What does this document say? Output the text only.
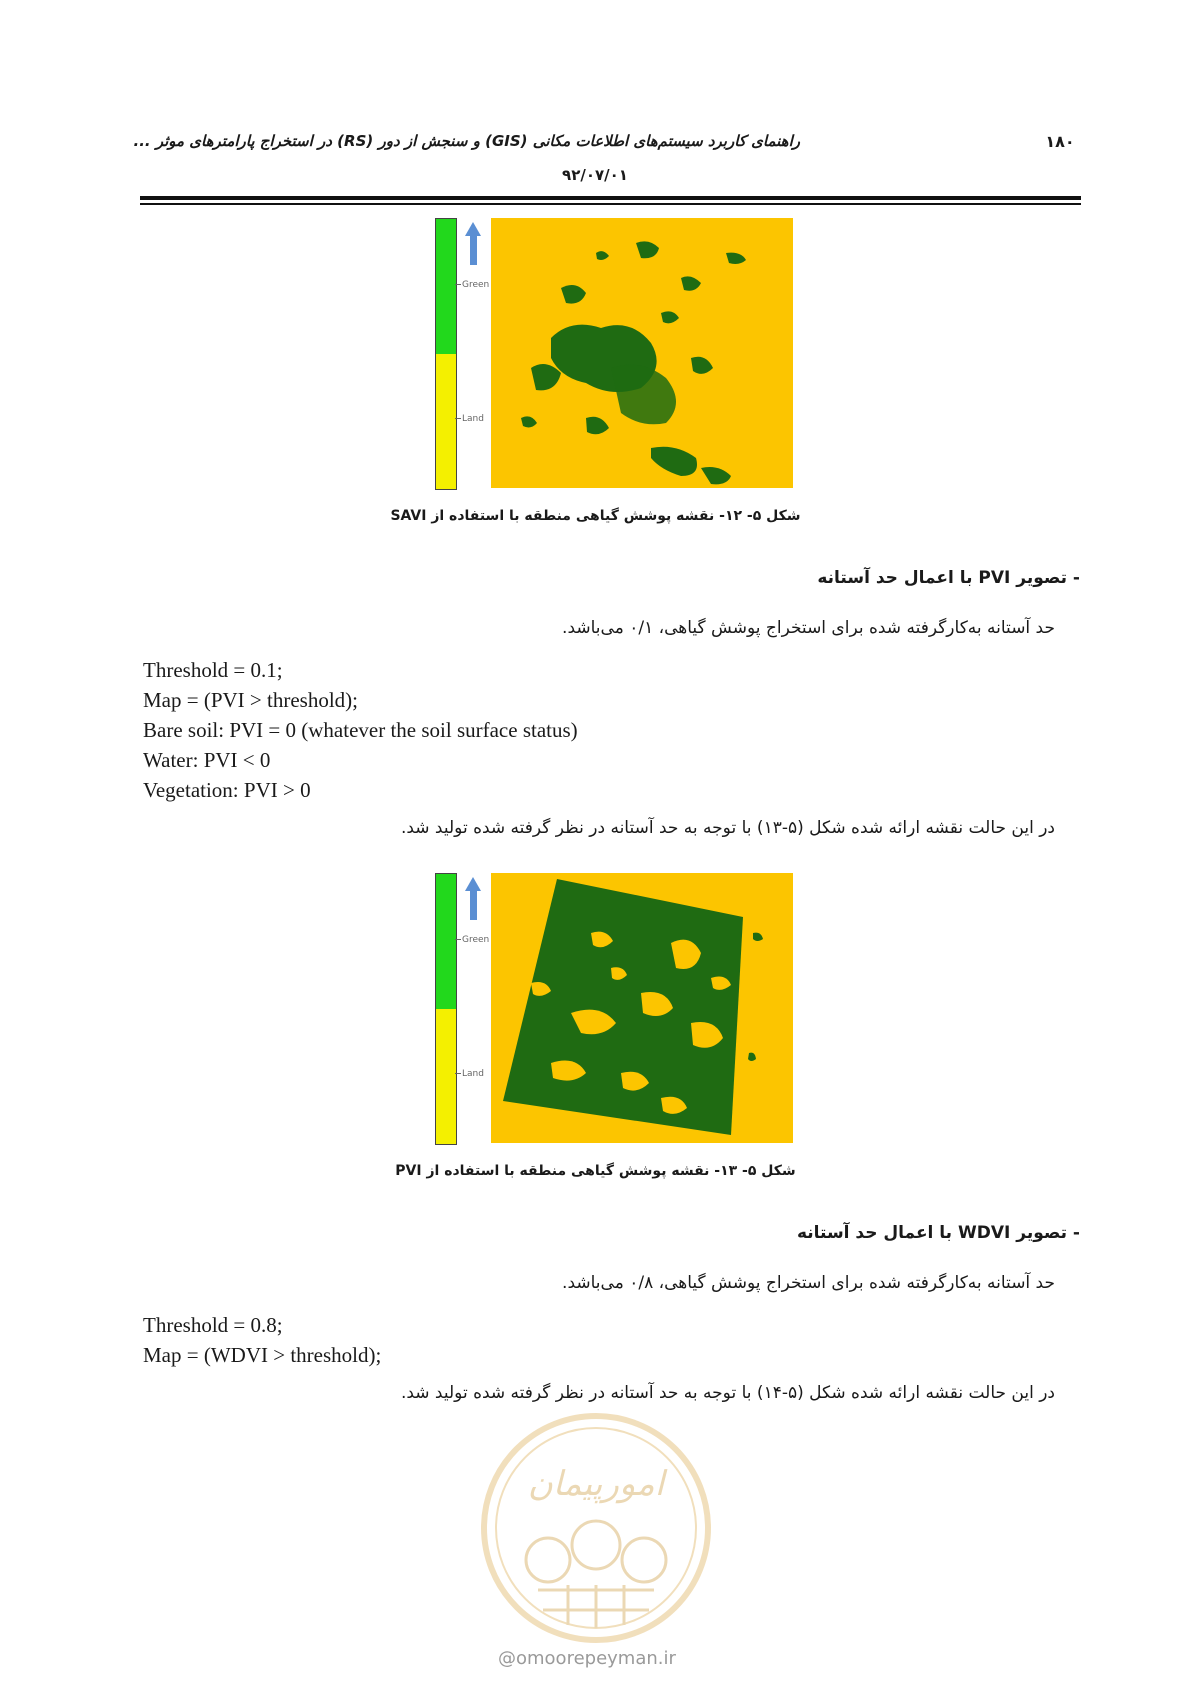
راهنمای کاربرد سیستم‌های اطلاعات مکانی (GIS) و سنجش از دور (RS) در استخراج پارامترهای موثر ...	۱۸۰
۹۲/۰۷/۰۱
Green
Land
شکل ۵- ۱۲- نقشه پوشش گیاهی منطقه با استفاده از SAVI
- تصویر PVI با اعمال حد آستانه
حد آستانه به‌کارگرفته شده برای استخراج پوشش گیاهی، ۰/۱ می‌باشد.
Threshold = 0.1;
Map = (PVI > threshold);
Bare soil: PVI = 0 (whatever the soil surface status)
Water: PVI < 0
Vegetation: PVI > 0
در این حالت نقشه ارائه شده شکل (۵-۱۳) با توجه به حد آستانه در نظر گرفته شده تولید شد.
Green
Land
شکل ۵- ۱۳- نقشه پوشش گیاهی منطقه با استفاده از PVI
- تصویر WDVI با اعمال حد آستانه
حد آستانه به‌کارگرفته شده برای استخراج پوشش گیاهی، ۰/۸ می‌باشد.
Threshold = 0.8;
Map = (WDVI > threshold);
در این حالت نقشه ارائه شده شکل (۵-۱۴) با توجه به حد آستانه در نظر گرفته شده تولید شد.
امورپیمان
@omoorepeyman.ir
